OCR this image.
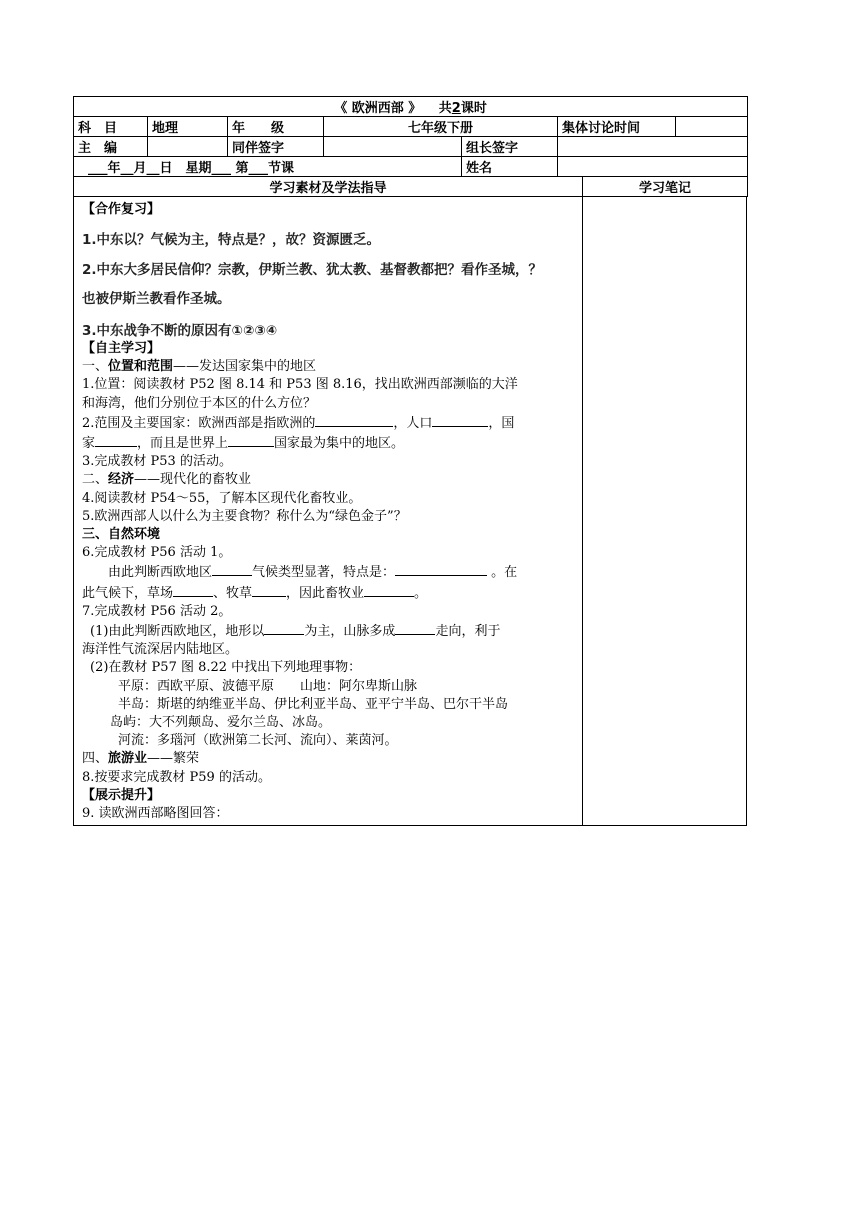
《 欧洲西部 》 　 共2课时							
科　目	地理	年　　级	七年级下册		集体讨论时间		
主　编		同伴签字		组长签字			
___年__月__日　星期___ 第___节课				姓名			
学习素材及学法指导						学习笔记	
【合作复习】
1.中东以？气候为主，特点是？，故？资源匮乏。
2.中东大多居民信仰？宗教，伊斯兰教、犹太教、基督教都把？看作圣城，？
也被伊斯兰教看作圣城。
3.中东战争不断的原因有①②③④
【自主学习】
一、位置和范围——发达国家集中的地区
1.位置：阅读教材 P52 图 8.14 和 P53 图 8.16，找出欧洲西部濒临的大洋
和海湾，他们分别位于本区的什么方位？
2.范围及主要国家：欧洲西部是指欧洲的	，人口	，国
家	，而且是世界上	国家最为集中的地区。
3.完成教材 P53 的活动。
二、经济——现代化的畜牧业
4.阅读教材 P54～55，了解本区现代化畜牧业。
5.欧洲西部人以什么为主要食物？称什么为“绿色金子”？
三、自然环境
6.完成教材 P56 活动 1。
由此判断西欧地区	气候类型显著，特点是：	。在
此气候下，草场	、牧草	，因此畜牧业	。
7.完成教材 P56 活动 2。
(1)由此判断西欧地区，地形以	为主，山脉多成	走向，利于
海洋性气流深居内陆地区。
(2)在教材 P57 图 8.22 中找出下列地理事物：
平原：西欧平原、波德平原　　山地：阿尔卑斯山脉
半岛：斯堪的纳维亚半岛、伊比利亚半岛、亚平宁半岛、巴尔干半岛
岛屿：大不列颠岛、爱尔兰岛、冰岛。
河流：多瑙河（欧洲第二长河、流向）、莱茵河。
四、旅游业——繁荣
8.按要求完成教材 P59 的活动。
【展示提升】
9. 读欧洲西部略图回答：
